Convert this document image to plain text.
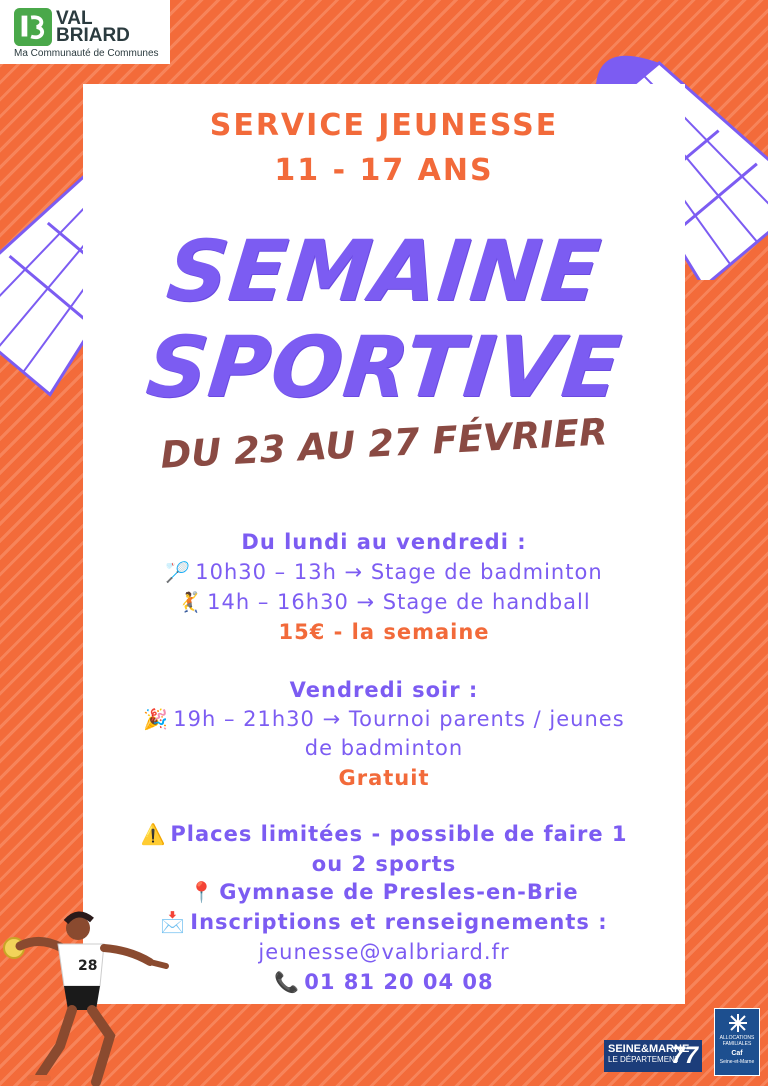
VAL
BRIARD
Ma Communauté de Communes
SERVICE JEUNESSE
11 - 17 ANS
SEMAINE
SPORTIVE
DU 23 AU 27 FÉVRIER
Du lundi au vendredi :
🏸 10h30 – 13h → Stage de badminton
🤾 14h – 16h30 → Stage de handball
15€ - la semaine
Vendredi soir :
🎉 19h – 21h30 → Tournoi parents / jeunes
de badminton
Gratuit
⚠️ Places limitées - possible de faire 1
ou 2 sports
📍 Gymnase de Presles-en-Brie
📩 Inscriptions et renseignements :
jeunesse@valbriard.fr
📞 01 81 20 04 08
28
SEINE&MARNE
LE DÉPARTEMENT
77
ALLOCATIONS FAMILIALES
Caf
Seine-et-Marne
